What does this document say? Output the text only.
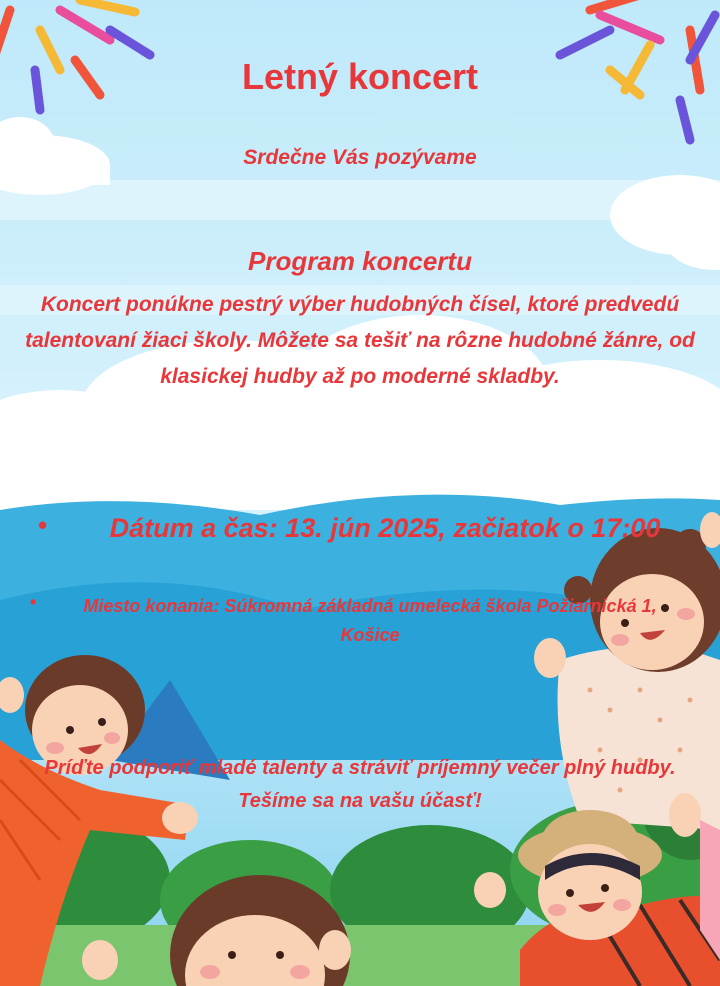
Letný koncert

Srdečne Vás pozývame

Program koncertu

Koncert ponúkne pestrý výber hudobných čísel, ktoré predvedú talentovaní žiaci školy. Môžete sa tešiť na rôzne hudobné žánre, od klasickej hudby až po moderné skladby.

•	Dátum a čas: 13. jún 2025, začiatok o 17:00

•	Miesto konania: Súkromná základná umelecká škola Požiarnická 1, Košice

Príďte podporiť mladé talenty a stráviť príjemný večer plný hudby.
Tešíme sa na vašu účasť!
